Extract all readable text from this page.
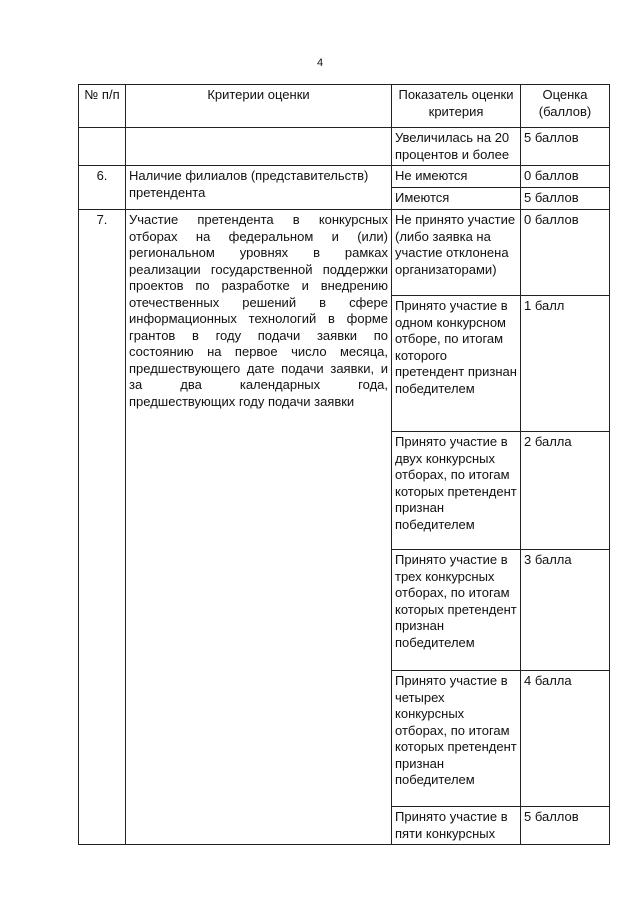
4
№ п/п	Критерии оценки	Показатель оценки критерия	Оценка (баллов)
		Увеличилась на 20 процентов и более	5 баллов
6.	Наличие филиалов (представительств) претендента	Не имеются	0 баллов
		Имеются	5 баллов
7.	Участие претендента в конкурсных отборах на федеральном и (или) региональном уровнях в рамках реализации государственной поддержки проектов по разработке и внедрению отечественных решений в сфере информационных технологий в форме грантов в году подачи заявки по состоянию на первое число месяца, предшествующего дате подачи заявки, и за два календарных года, предшествующих году подачи заявки	Не принято участие (либо заявка на участие отклонена организаторами)	0 баллов
		Принято участие в одном конкурсном отборе, по итогам которого претендент признан победителем	1 балл
		Принято участие в двух конкурсных отборах, по итогам которых претендент признан победителем	2 балла
		Принято участие в трех конкурсных отборах, по итогам которых претендент признан победителем	3 балла
		Принято участие в четырех конкурсных отборах, по итогам которых претендент признан победителем	4 балла
		Принято участие в пяти конкурсных	5 баллов
